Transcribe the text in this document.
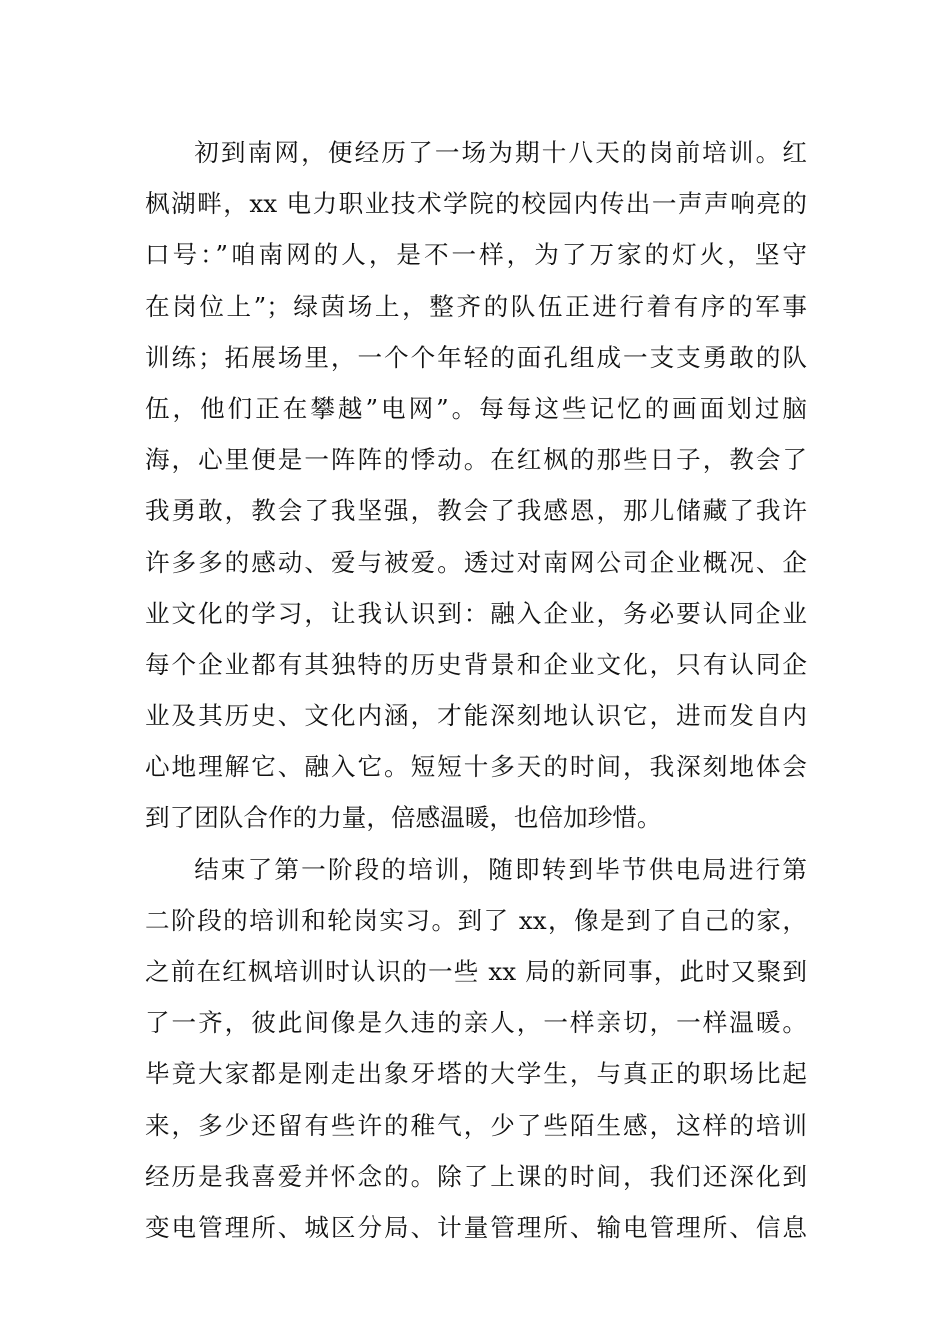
初到南网，便经历了一场为期十八天的岗前培训。红
枫湖畔，xx 电力职业技术学院的校园内传出一声声响亮的
口号：”咱南网的人，是不一样，为了万家的灯火，坚守
在岗位上”；绿茵场上，整齐的队伍正进行着有序的军事
训练；拓展场里，一个个年轻的面孔组成一支支勇敢的队
伍，他们正在攀越”电网”。每每这些记忆的画面划过脑
海，心里便是一阵阵的悸动。在红枫的那些日子，教会了
我勇敢，教会了我坚强，教会了我感恩，那儿储藏了我许
许多多的感动、爱与被爱。透过对南网公司企业概况、企
业文化的学习，让我认识到：融入企业，务必要认同企业
每个企业都有其独特的历史背景和企业文化，只有认同企
业及其历史、文化内涵，才能深刻地认识它，进而发自内
心地理解它、融入它。短短十多天的时间，我深刻地体会
到了团队合作的力量，倍感温暖，也倍加珍惜。
结束了第一阶段的培训，随即转到毕节供电局进行第
二阶段的培训和轮岗实习。到了 xx，像是到了自己的家，
之前在红枫培训时认识的一些 xx 局的新同事，此时又聚到
了一齐，彼此间像是久违的亲人，一样亲切，一样温暖。
毕竟大家都是刚走出象牙塔的大学生，与真正的职场比起
来，多少还留有些许的稚气，少了些陌生感，这样的培训
经历是我喜爱并怀念的。除了上课的时间，我们还深化到
变电管理所、城区分局、计量管理所、输电管理所、信息
